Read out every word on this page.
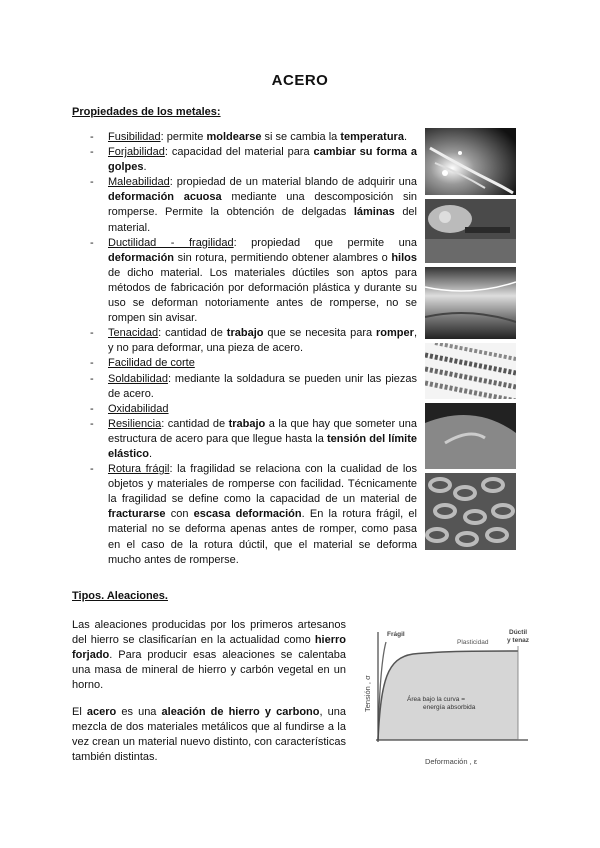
ACERO
Propiedades de los metales:
- Fusibilidad: permite moldearse si se cambia la temperatura.
- Forjabilidad: capacidad del material para cambiar su forma a golpes.
- Maleabilidad: propiedad de un material blando de adquirir una deformación acuosa mediante una descomposición sin romperse. Permite la obtención de delgadas láminas del material.
- Ductilidad - fragilidad: propiedad que permite una deformación sin rotura, permitiendo obtener alambres o hilos de dicho material. Los materiales dúctiles son aptos para métodos de fabricación por deformación plástica y durante su uso se deforman notoriamente antes de romperse, no se rompen sin avisar.
- Tenacidad: cantidad de trabajo que se necesita para romper, y no para deformar, una pieza de acero.
- Facilidad de corte
- Soldabilidad: mediante la soldadura se pueden unir las piezas de acero.
- Oxidabilidad
- Resiliencia: cantidad de trabajo a la que hay que someter una estructura de acero para que llegue hasta la tensión del límite elástico.
- Rotura frágil: la fragilidad se relaciona con la cualidad de los objetos y materiales de romperse con facilidad. Técnicamente la fragilidad se define como la capacidad de un material de fracturarse con escasa deformación. En la rotura frágil, el material no se deforma apenas antes de romper, como pasa en el caso de la rotura dúctil, que el material se deforma mucho antes de romperse.
Tipos. Aleaciones.

Las aleaciones producidas por los primeros artesanos del hierro se clasificarían en la actualidad como hierro forjado. Para producir esas aleaciones se calentaba una masa de mineral de hierro y carbón vegetal en un horno.

El acero es una aleación de hierro y carbono, una mezcla de dos materiales metálicos que al fundirse a la vez crean un material nuevo distinto, con características también distintas.

Frágil
Plasticidad
Dúctil
y tenaz
Área bajo la curva =
energía absorbida
Tensión , σ
Deformación , ε
